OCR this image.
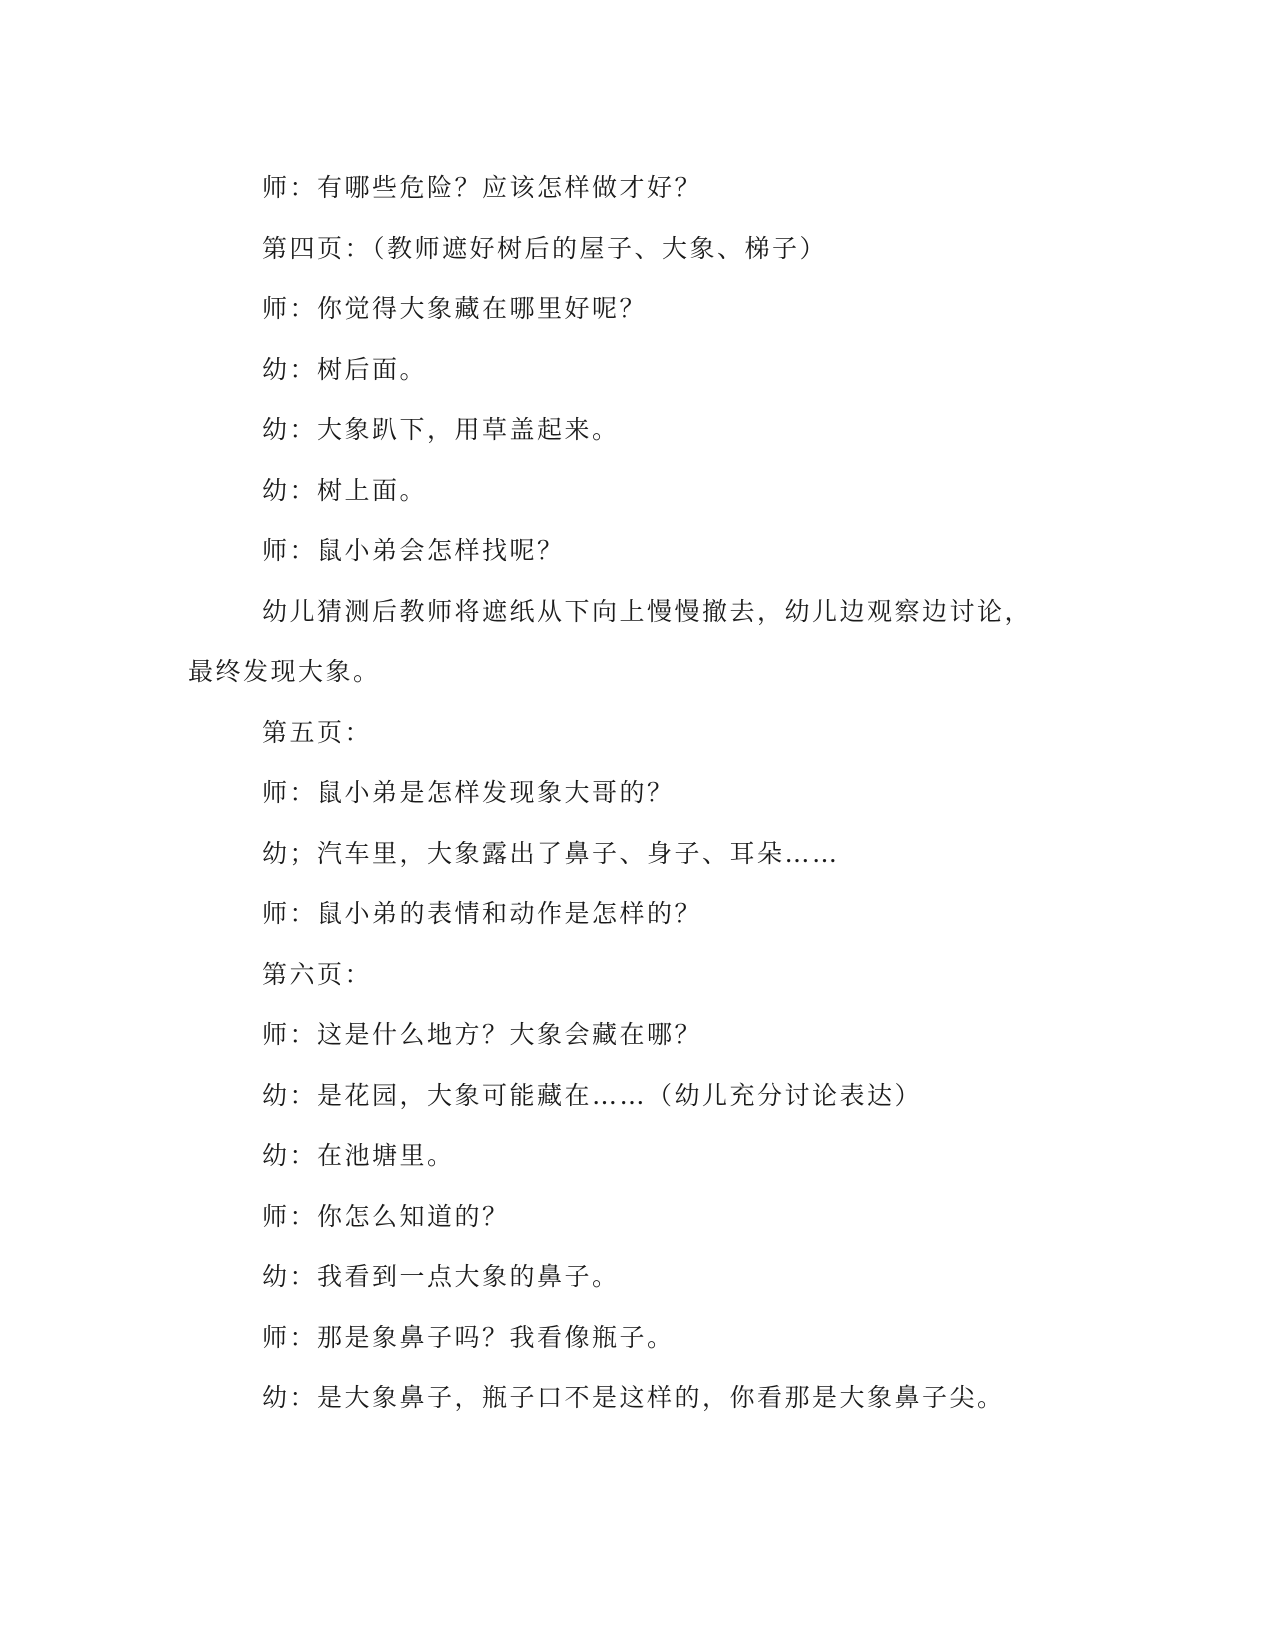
师：有哪些危险？应该怎样做才好？

第四页：（教师遮好树后的屋子、大象、梯子）

师：你觉得大象藏在哪里好呢？

幼：树后面。

幼：大象趴下，用草盖起来。

幼：树上面。

师：鼠小弟会怎样找呢？

幼儿猜测后教师将遮纸从下向上慢慢撤去，幼儿边观察边讨论，

最终发现大象。

第五页：

师：鼠小弟是怎样发现象大哥的？

幼；汽车里，大象露出了鼻子、身子、耳朵……

师：鼠小弟的表情和动作是怎样的？

第六页：

师：这是什么地方？大象会藏在哪？

幼：是花园，大象可能藏在……（幼儿充分讨论表达）

幼：在池塘里。

师：你怎么知道的？

幼：我看到一点大象的鼻子。

师：那是象鼻子吗？我看像瓶子。

幼：是大象鼻子，瓶子口不是这样的，你看那是大象鼻子尖。
